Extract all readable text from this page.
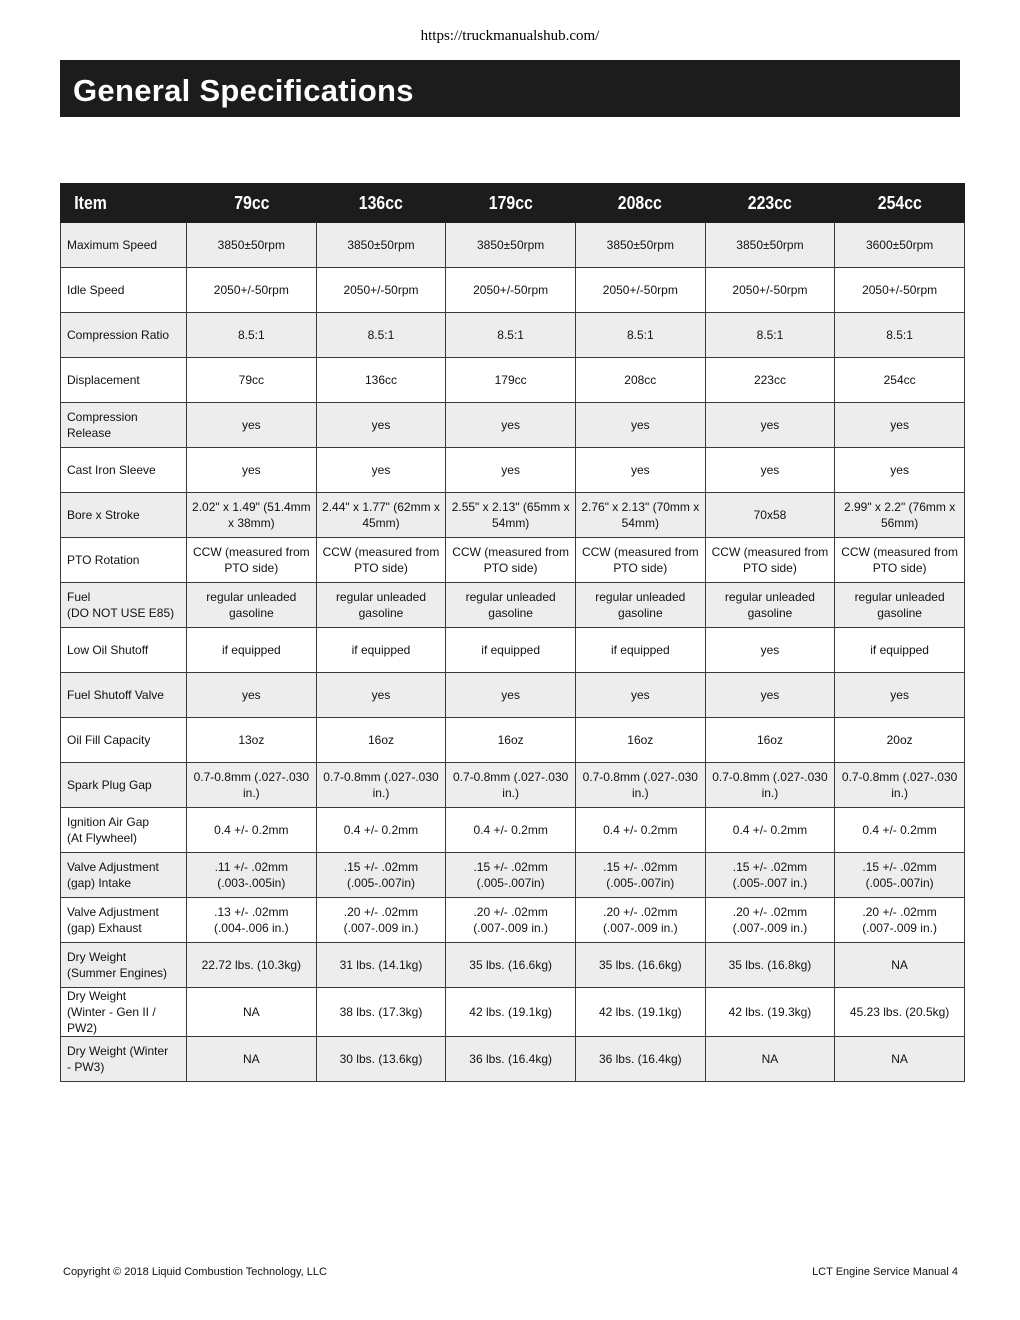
https://truckmanualshub.com/
General Specifications
Item	79cc	136cc	179cc	208cc	223cc	254cc
Maximum Speed	3850±50rpm	3850±50rpm	3850±50rpm	3850±50rpm	3850±50rpm	3600±50rpm
Idle Speed	2050+/-50rpm	2050+/-50rpm	2050+/-50rpm	2050+/-50rpm	2050+/-50rpm	2050+/-50rpm
Compression Ratio	8.5:1	8.5:1	8.5:1	8.5:1	8.5:1	8.5:1
Displacement	79cc	136cc	179cc	208cc	223cc	254cc
Compression Release	yes	yes	yes	yes	yes	yes
Cast Iron Sleeve	yes	yes	yes	yes	yes	yes
Bore x Stroke	2.02" x 1.49" (51.4mm x 38mm)	2.44" x 1.77" (62mm x 45mm)	2.55" x 2.13" (65mm x 54mm)	2.76" x 2.13" (70mm x 54mm)	70x58	2.99" x 2.2" (76mm x 56mm)
PTO Rotation	CCW (measured from PTO side)	CCW (measured from PTO side)	CCW (measured from PTO side)	CCW (measured from PTO side)	CCW (measured from PTO side)	CCW (measured from PTO side)
Fuel
(DO NOT USE E85)	regular unleaded gasoline	regular unleaded gasoline	regular unleaded gasoline	regular unleaded gasoline	regular unleaded gasoline	regular unleaded gasoline
Low Oil Shutoff	if equipped	if equipped	if equipped	if equipped	yes	if equipped
Fuel Shutoff Valve	yes	yes	yes	yes	yes	yes
Oil Fill Capacity	13oz	16oz	16oz	16oz	16oz	20oz
Spark Plug Gap	0.7-0.8mm (.027-.030 in.)	0.7-0.8mm (.027-.030 in.)	0.7-0.8mm (.027-.030 in.)	0.7-0.8mm (.027-.030 in.)	0.7-0.8mm (.027-.030 in.)	0.7-0.8mm (.027-.030 in.)
Ignition Air Gap
(At Flywheel)	0.4 +/- 0.2mm	0.4 +/- 0.2mm	0.4 +/- 0.2mm	0.4 +/- 0.2mm	0.4 +/- 0.2mm	0.4 +/- 0.2mm
Valve Adjustment
(gap) Intake	.11 +/- .02mm (.003-.005in)	.15 +/- .02mm (.005-.007in)	.15 +/- .02mm (.005-.007in)	.15 +/- .02mm (.005-.007in)	.15 +/- .02mm (.005-.007 in.)	.15 +/- .02mm (.005-.007in)
Valve Adjustment
(gap) Exhaust	.13 +/- .02mm (.004-.006 in.)	.20 +/- .02mm (.007-.009 in.)	.20 +/- .02mm (.007-.009 in.)	.20 +/- .02mm (.007-.009 in.)	.20 +/- .02mm (.007-.009 in.)	.20 +/- .02mm (.007-.009 in.)
Dry Weight
(Summer Engines)	22.72 lbs. (10.3kg)	31 lbs. (14.1kg)	35 lbs. (16.6kg)	35 lbs. (16.6kg)	35 lbs. (16.8kg)	NA
Dry Weight
(Winter - Gen II / PW2)	NA	38 lbs. (17.3kg)	42 lbs. (19.1kg)	42 lbs. (19.1kg)	42 lbs. (19.3kg)	45.23 lbs. (20.5kg)
Dry Weight (Winter
- PW3)	NA	30 lbs. (13.6kg)	36 lbs. (16.4kg)	36 lbs. (16.4kg)	NA	NA
Copyright © 2018 Liquid Combustion Technology, LLC	LCT Engine Service Manual 4
